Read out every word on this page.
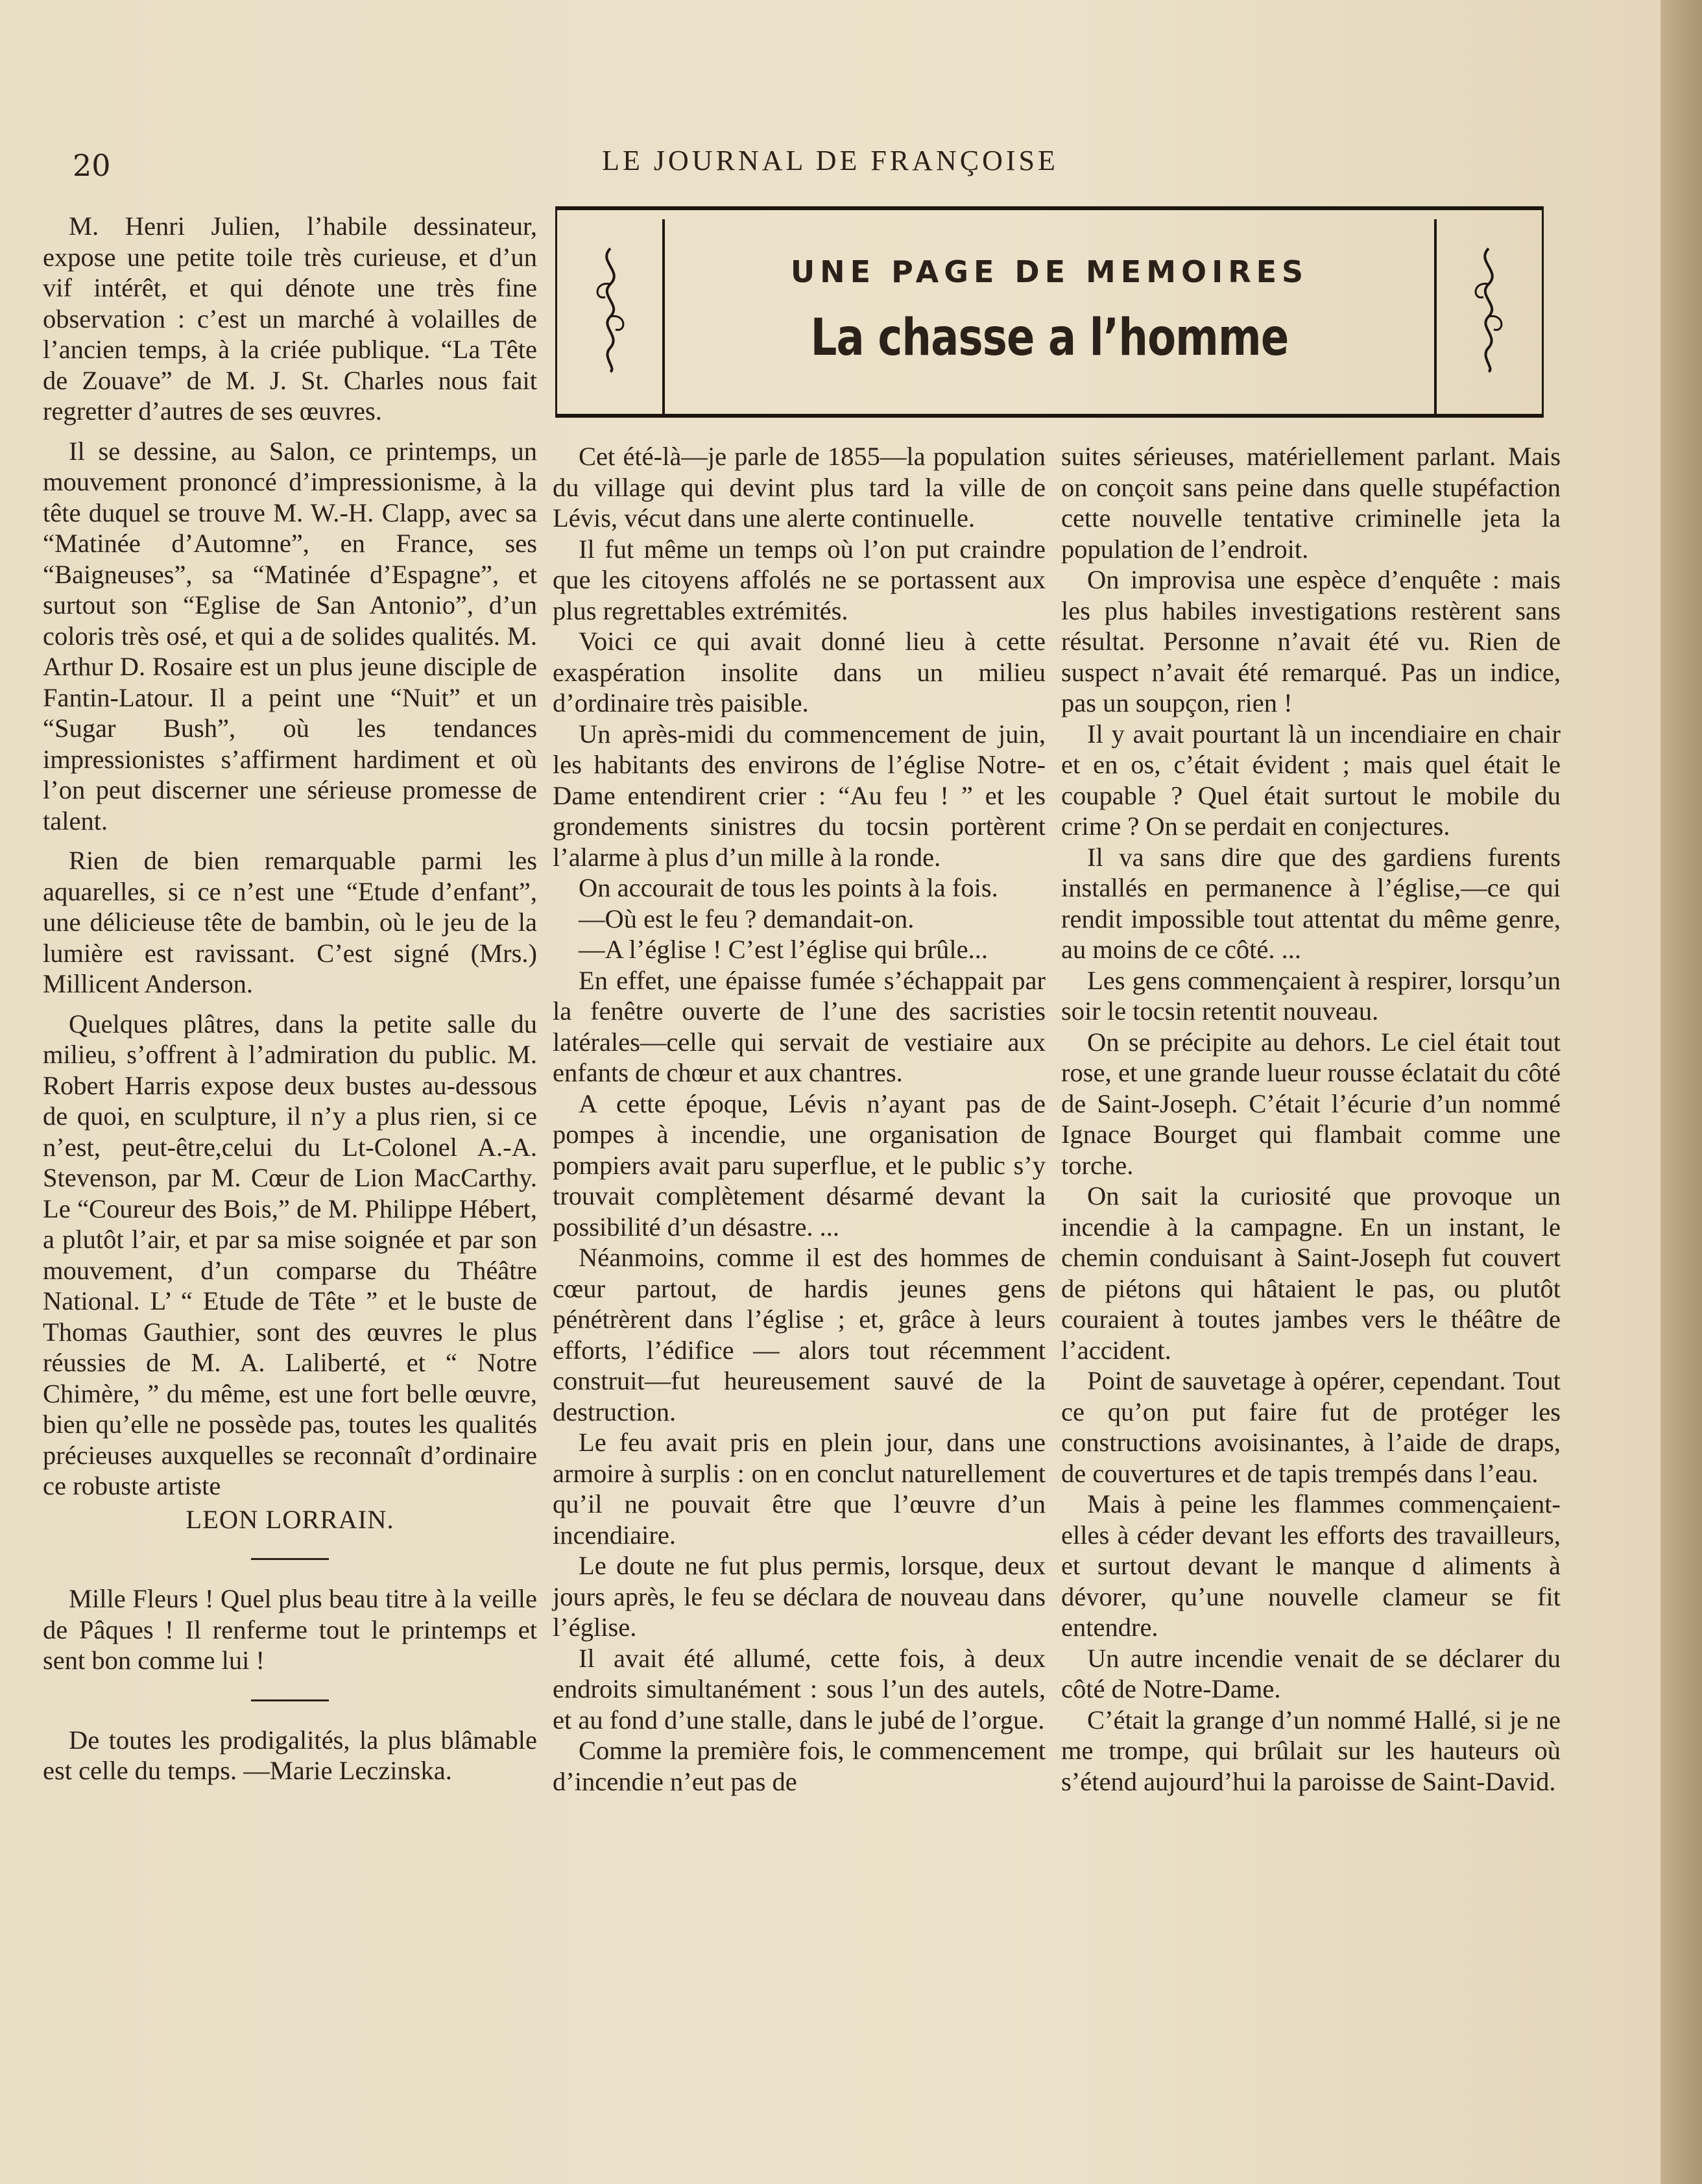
20	LE JOURNAL DE FRANÇOISE
UNE PAGE DE MEMOIRES
La chasse a l’homme

M. Henri Julien, l’habile dessinateur, expose une petite toile très curieuse, et d’un vif intérêt, et qui dénote une très fine observation : c’est un marché à volailles de l’ancien temps, à la criée publique. “La Tête de Zouave” de M. J. St. Charles nous fait regretter d’autres de ses œuvres.

Il se dessine, au Salon, ce printemps, un mouvement prononcé d’impressionisme, à la tête duquel se trouve M. W.-H. Clapp, avec sa “Matinée d’Automne”, en France, ses “Baigneuses”, sa “Matinée d’Espagne”, et surtout son “Eglise de San Antonio”, d’un coloris très osé, et qui a de solides qualités. M. Arthur D. Rosaire est un plus jeune disciple de Fantin-Latour. Il a peint une “Nuit” et un “Sugar Bush”, où les tendances impressionistes s’affirment hardiment et où l’on peut discerner une sérieuse promesse de talent.

Rien de bien remarquable parmi les aquarelles, si ce n’est une “Etude d’enfant”, une délicieuse tête de bambin, où le jeu de la lumière est ravissant. C’est signé (Mrs.) Millicent Anderson.

Quelques plâtres, dans la petite salle du milieu, s’offrent à l’admiration du public. M. Robert Harris expose deux bustes au-dessous de quoi, en sculpture, il n’y a plus rien, si ce n’est, peut-être,celui du Lt-Colonel A.-A. Stevenson, par M. Cœur de Lion MacCarthy. Le “Coureur des Bois,” de M. Philippe Hébert, a plutôt l’air, et par sa mise soignée et par son mouvement, d’un comparse du Théâtre National. L’ “ Etude de Tête ” et le buste de Thomas Gauthier, sont des œuvres le plus réussies de M. A. Laliberté, et “ Notre Chimère, ” du même, est une fort belle œuvre, bien qu’elle ne possède pas, toutes les qualités précieuses auxquelles se reconnaît d’ordinaire ce robuste artiste

LEON LORRAIN.

Mille Fleurs ! Quel plus beau titre à la veille de Pâques ! Il renferme tout le printemps et sent bon comme lui !

De toutes les prodigalités, la plus blâmable est celle du temps. —Marie Leczinska.

Cet été-là—je parle de 1855—la population du village qui devint plus tard la ville de Lévis, vécut dans une alerte continuelle.

Il fut même un temps où l’on put craindre que les citoyens affolés ne se portassent aux plus regrettables extrémités.

Voici ce qui avait donné lieu à cette exaspération insolite dans un milieu d’ordinaire très paisible.

Un après-midi du commencement de juin, les habitants des environs de l’église Notre-Dame entendirent crier : “Au feu ! ” et les grondements sinistres du tocsin portèrent l’alarme à plus d’un mille à la ronde.

On accourait de tous les points à la fois.

—Où est le feu ? demandait-on.

—A l’église ! C’est l’église qui brûle...

En effet, une épaisse fumée s’échappait par la fenêtre ouverte de l’une des sacristies latérales—celle qui servait de vestiaire aux enfants de chœur et aux chantres.

A cette époque, Lévis n’ayant pas de pompes à incendie, une organisation de pompiers avait paru superflue, et le public s’y trouvait complètement désarmé devant la possibilité d’un désastre. ...

Néanmoins, comme il est des hommes de cœur partout, de hardis jeunes gens pénétrèrent dans l’église ; et, grâce à leurs efforts, l’édifice — alors tout récemment construit—fut heureusement sauvé de la destruction.

Le feu avait pris en plein jour, dans une armoire à surplis : on en conclut naturellement qu’il ne pouvait être que l’œuvre d’un incendiaire.

Le doute ne fut plus permis, lorsque, deux jours après, le feu se déclara de nouveau dans l’église.

Il avait été allumé, cette fois, à deux endroits simultanément : sous l’un des autels, et au fond d’une stalle, dans le jubé de l’orgue.

Comme la première fois, le commencement d’incendie n’eut pas de

suites sérieuses, matériellement parlant. Mais on conçoit sans peine dans quelle stupéfaction cette nouvelle tentative criminelle jeta la population de l’endroit.

On improvisa une espèce d’enquête : mais les plus habiles investigations restèrent sans résultat. Personne n’avait été vu. Rien de suspect n’avait été remarqué. Pas un indice, pas un soupçon, rien !

Il y avait pourtant là un incendiaire en chair et en os, c’était évident ; mais quel était le coupable ? Quel était surtout le mobile du crime ? On se perdait en conjectures.

Il va sans dire que des gardiens furents installés en permanence à l’église,—ce qui rendit impossible tout attentat du même genre, au moins de ce côté. ...

Les gens commençaient à respirer, lorsqu’un soir le tocsin retentit nouveau.

On se précipite au dehors. Le ciel était tout rose, et une grande lueur rousse éclatait du côté de Saint-Joseph. C’était l’écurie d’un nommé Ignace Bourget qui flambait comme une torche.

On sait la curiosité que provoque un incendie à la campagne. En un instant, le chemin conduisant à Saint-Joseph fut couvert de piétons qui hâtaient le pas, ou plutôt couraient à toutes jambes vers le théâtre de l’accident.

Point de sauvetage à opérer, cependant. Tout ce qu’on put faire fut de protéger les constructions avoisinantes, à l’aide de draps, de couvertures et de tapis trempés dans l’eau.

Mais à peine les flammes commençaient-elles à céder devant les efforts des travailleurs, et surtout devant le manque d aliments à dévorer, qu’une nouvelle clameur se fit entendre.

Un autre incendie venait de se déclarer du côté de Notre-Dame.

C’était la grange d’un nommé Hallé, si je ne me trompe, qui brûlait sur les hauteurs où s’étend aujourd’hui la paroisse de Saint-David.
